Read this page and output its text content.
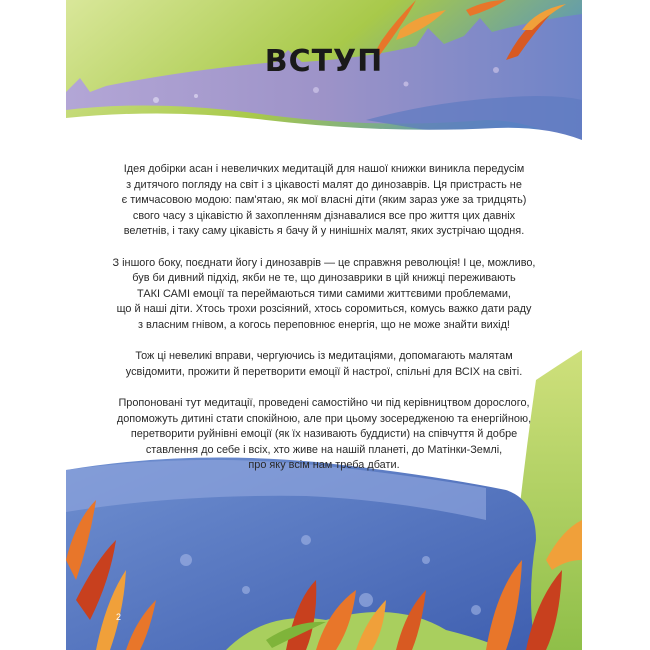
ВСТУП

Ідея добірки асан і невеличких медитацій для нашої книжки виникла передусім
з дитячого погляду на світ і з цікавості малят до динозаврів. Ця пристрасть не
є тимчасовою модою: пам'ятаю, як мої власні діти (яким зараз уже за тридцять)
свого часу з цікавістю й захопленням дізнавалися все про життя цих давніх
велетнів, і таку саму цікавість я бачу й у нинішніх малят, яких зустрічаю щодня.

З іншого боку, поєднати йогу і динозаврів — це справжня революція! І це, можливо,
був би дивний підхід, якби не те, що динозаврики в цій книжці переживають
ТАКІ САМІ емоції та переймаються тими самими життєвими проблемами,
що й наші діти. Хтось трохи розсіяний, хтось соромиться, комусь важко дати раду
з власним гнівом, а когось переповнює енергія, що не може знайти вихід!

Тож ці невеликі вправи, чергуючись із медитаціями, допомагають малятам
усвідомити, прожити й перетворити емоції й настрої, спільні для ВСІХ на світі.

Пропоновані тут медитації, проведені самостійно чи під керівництвом дорослого,
допоможуть дитині стати спокійною, але при цьому зосередженою та енергійною,
перетворити руйнівні емоції (як їх називають буддисти) на співчуття й добре
ставлення до себе і всіх, хто живе на нашій планеті, до Матінки-Землі,
про яку всім нам треба дбати.

2
